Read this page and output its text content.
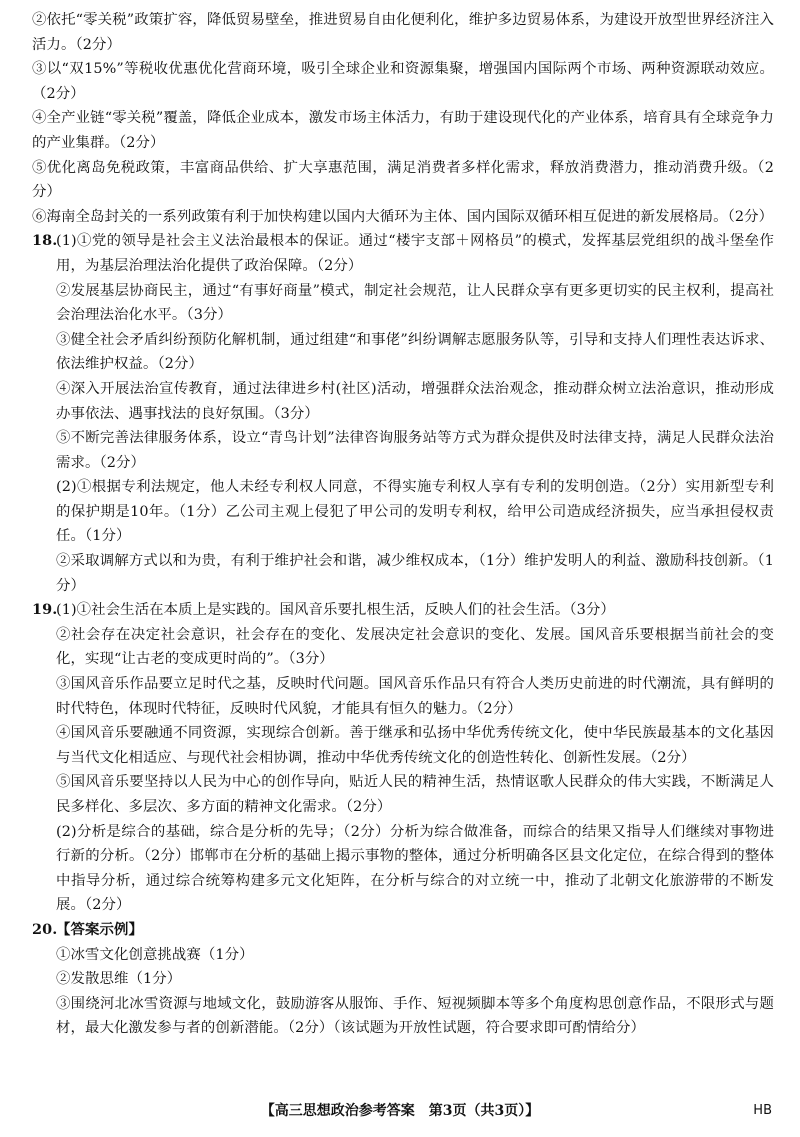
②依托“零关税”政策扩容，降低贸易壁垒，推进贸易自由化便利化，维护多边贸易体系，为建设开放型世界经济注入活力。（2分）

③以“双15%”等税收优惠优化营商环境，吸引全球企业和资源集聚，增强国内国际两个市场、两种资源联动效应。（2分）

④全产业链“零关税”覆盖，降低企业成本，激发市场主体活力，有助于建设现代化的产业体系，培育具有全球竞争力的产业集群。（2分）

⑤优化离岛免税政策，丰富商品供给、扩大享惠范围，满足消费者多样化需求，释放消费潜力，推动消费升级。（2分）

⑥海南全岛封关的一系列政策有利于加快构建以国内大循环为主体、国内国际双循环相互促进的新发展格局。（2分）

18.

(1)①党的领导是社会主义法治最根本的保证。通过“楼宇支部＋网格员”的模式，发挥基层党组织的战斗堡垒作用，为基层治理法治化提供了政治保障。（2分）

②发展基层协商民主，通过“有事好商量”模式，制定社会规范，让人民群众享有更多更切实的民主权利，提高社会治理法治化水平。（3分）

③健全社会矛盾纠纷预防化解机制，通过组建“和事佬”纠纷调解志愿服务队等，引导和支持人们理性表达诉求、依法维护权益。（2分）

④深入开展法治宣传教育，通过法律进乡村(社区)活动，增强群众法治观念，推动群众树立法治意识，推动形成办事依法、遇事找法的良好氛围。（3分）

⑤不断完善法律服务体系，设立“青鸟计划”法律咨询服务站等方式为群众提供及时法律支持，满足人民群众法治需求。（2分）

(2)①根据专利法规定，他人未经专利权人同意，不得实施专利权人享有专利的发明创造。（2分）实用新型专利的保护期是10年。（1分）乙公司主观上侵犯了甲公司的发明专利权，给甲公司造成经济损失，应当承担侵权责任。（1分）

②采取调解方式以和为贵，有利于维护社会和谐，减少维权成本，（1分）维护发明人的利益、激励科技创新。（1分）

19.

(1)①社会生活在本质上是实践的。国风音乐要扎根生活，反映人们的社会生活。（3分）

②社会存在决定社会意识，社会存在的变化、发展决定社会意识的变化、发展。国风音乐要根据当前社会的变化，实现“让古老的变成更时尚的”。（3分）

③国风音乐作品要立足时代之基，反映时代问题。国风音乐作品只有符合人类历史前进的时代潮流，具有鲜明的时代特色，体现时代特征，反映时代风貌，才能具有恒久的魅力。（2分）

④国风音乐要融通不同资源，实现综合创新。善于继承和弘扬中华优秀传统文化，使中华民族最基本的文化基因与当代文化相适应、与现代社会相协调，推动中华优秀传统文化的创造性转化、创新性发展。（2分）

⑤国风音乐要坚持以人民为中心的创作导向，贴近人民的精神生活，热情讴歌人民群众的伟大实践，不断满足人民多样化、多层次、多方面的精神文化需求。（2分）

(2)分析是综合的基础，综合是分析的先导；（2分）分析为综合做准备，而综合的结果又指导人们继续对事物进行新的分析。（2分）邯郸市在分析的基础上揭示事物的整体，通过分析明确各区县文化定位，在综合得到的整体中指导分析，通过综合统筹构建多元文化矩阵，在分析与综合的对立统一中，推动了北朝文化旅游带的不断发展。（2分）

20.

【答案示例】

①冰雪文化创意挑战赛（1分）

②发散思维（1分）

③围绕河北冰雪资源与地域文化，鼓励游客从服饰、手作、短视频脚本等多个角度构思创意作品，不限形式与题材，最大化激发参与者的创新潜能。（2分）（该试题为开放性试题，符合要求即可酌情给分）

【高三思想政治参考答案　第3页（共3页）】	HB
